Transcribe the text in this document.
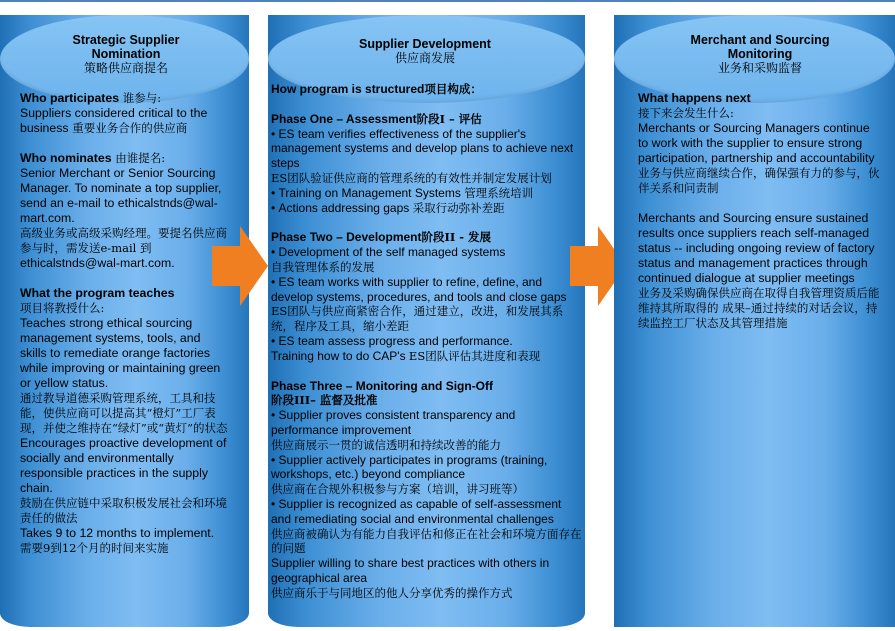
Strategic Supplier
Nomination
策略供应商提名
Who participates 谁参与:
Suppliers considered critical to the business 重要业务合作的供应商
Who nominates 由谁提名:
Senior Merchant or Senior Sourcing Manager. To nominate a top supplier, send an e-mail to ethicalstnds@wal-mart.com.
高级业务或高级采购经理。要提名供应商 参与时，需发送e-mail 到 ethicalstnds@wal-mart.com.
What the program teaches
项目将教授什么:
Teaches strong ethical sourcing management systems, tools, and skills to remediate orange factories while improving or maintaining green or yellow status.
通过教导道德采购管理系统，工具和技能，使供应商可以提高其“橙灯”工厂表现，并使之维持在“绿灯”或“黄灯”的状态
Encourages proactive development of socially and environmentally responsible practices in the supply chain.
鼓励在供应链中采取积极发展社会和环境责任的做法
Takes 9 to 12 months to implement.
需要9到12个月的时间来实施
Supplier Development
供应商发展
How program is structured项目构成：
Phase One – Assessment阶段I – 评估
• ES team verifies effectiveness of the supplier's management systems and develop plans to achieve next steps
ES团队验证供应商的管理系统的有效性并制定发展计划
• Training on Management Systems 管理系统培训
• Actions addressing gaps 采取行动弥补差距
Phase Two – Development阶段II - 发展
• Development of the self managed systems
自我管理体系的发展
• ES team works with supplier to refine, define, and develop systems, procedures, and tools and close gaps
ES团队与供应商紧密合作，通过建立，改进，和发展其系统，程序及工具，缩小差距
• ES team assess progress and performance.
Training how to do CAP's ES团队评估其进度和表现
Phase Three – Monitoring and Sign-Off
阶段III– 监督及批准
• Supplier proves consistent transparency and performance improvement
供应商展示一贯的诚信透明和持续改善的能力
• Supplier actively participates in programs (training, workshops, etc.) beyond compliance
供应商在合规外积极参与方案（培训，讲习班等）
• Supplier is recognized as capable of self-assessment and remediating social and environmental challenges
供应商被确认为有能力自我评估和修正在社会和环境方面存在的问题
Supplier willing to share best practices with others in geographical area
供应商乐于与同地区的他人分享优秀的操作方式
Merchant and Sourcing
Monitoring
业务和采购监督
What happens next
接下来会发生什么:
Merchants or Sourcing Managers continue to work with the supplier to ensure strong participation, partnership and accountability
业务与供应商继续合作，确保强有力的参与，伙伴关系和问责制
Merchants and Sourcing ensure sustained results once suppliers reach self-managed status -- including ongoing review of factory status and management practices through continued dialogue at supplier meetings
业务及采购确保供应商在取得自我管理资质后能维持其所取得的 成果–通过持续的对话会议，持续监控工厂状态及其管理措施
